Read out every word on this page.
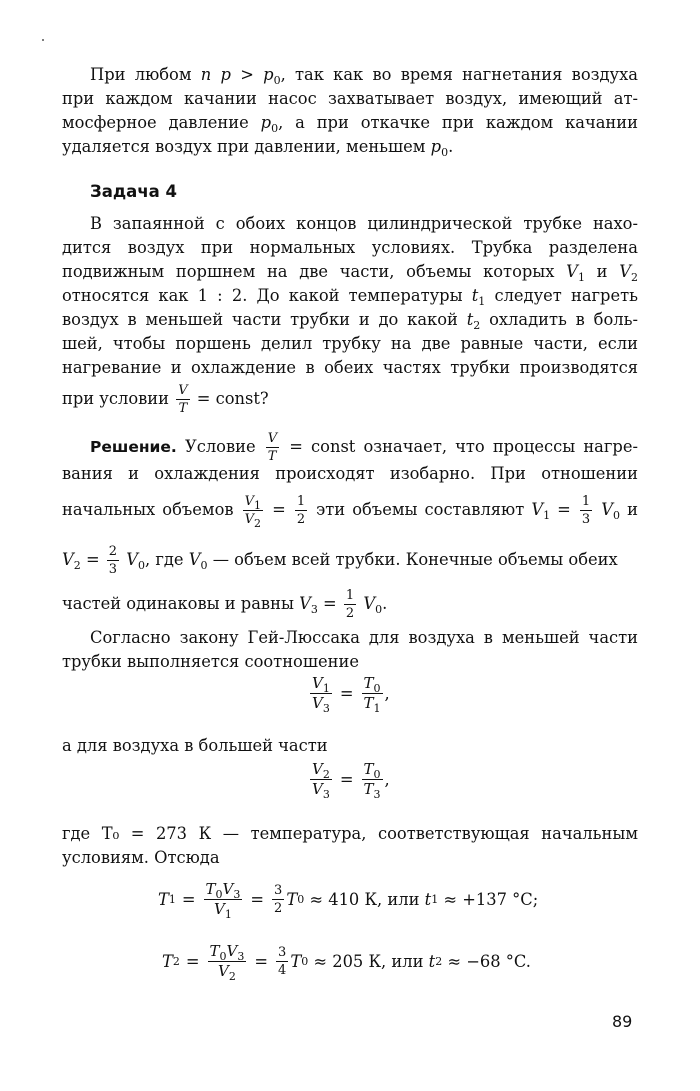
При любом n $p > p_0$, так как во время нагнетания воздуха
при каждом качании насос захватывает воздух, имеющий ат-
мосферное давление $p_0$, а при откачке при каждом качании
удаляется воздух при давлении, меньшем $p_0$.
Задача 4
В запаянной с обоих концов цилиндрической трубке нахо-
дится воздух при нормальных условиях. Трубка разделена
подвижным поршнем на две части, объемы которых $V_1$ и $V_2$
относятся как 1 : 2. До какой температуры $t_1$ следует нагреть
воздух в меньшей части трубки и до какой $t_2$ охладить в боль-
шей, чтобы поршень делил трубку на две равные части, если
нагревание и охлаждение в обеих частях трубки производятся
при условии $\frac{V}{T}$ = const?
Решение. Условие $\frac{V}{T}$ = const означает, что процессы нагре-
вания и охлаждения происходят изобарно. При отношении
начальных объемов $\frac{V_1}{V_2} = \frac{1}{2}$ эти объемы составляют $V_1 = \frac{1}{3} V_0$ и
$V_2 = \frac{2}{3} V_0$, где $V_0$ — объем всей трубки. Конечные объемы обеих
частей одинаковы и равны $V_3 = \frac{1}{2} V_0$.
Согласно закону Гей-Люссака для воздуха в меньшей части
трубки выполняется соотношение
$\frac{V_1}{V_3} = \frac{T_0}{T_1}$ ,
а для воздуха в большей части
$\frac{V_2}{V_3} = \frac{T_0}{T_3}$ ,
где T₀ = 273 К — температура, соответствующая начальным
условиям. Отсюда
T $1 = \frac{T_0V_3}{V_1} = \frac{3}{2}$ T 0
≈ 410 К, или
t 1
≈ +137 °C;
T $2 = \frac{T_0V_3}{V_2} = \frac{3}{4}$ T 0
≈ 205 К, или
t 2
≈ −68 °C.
89
